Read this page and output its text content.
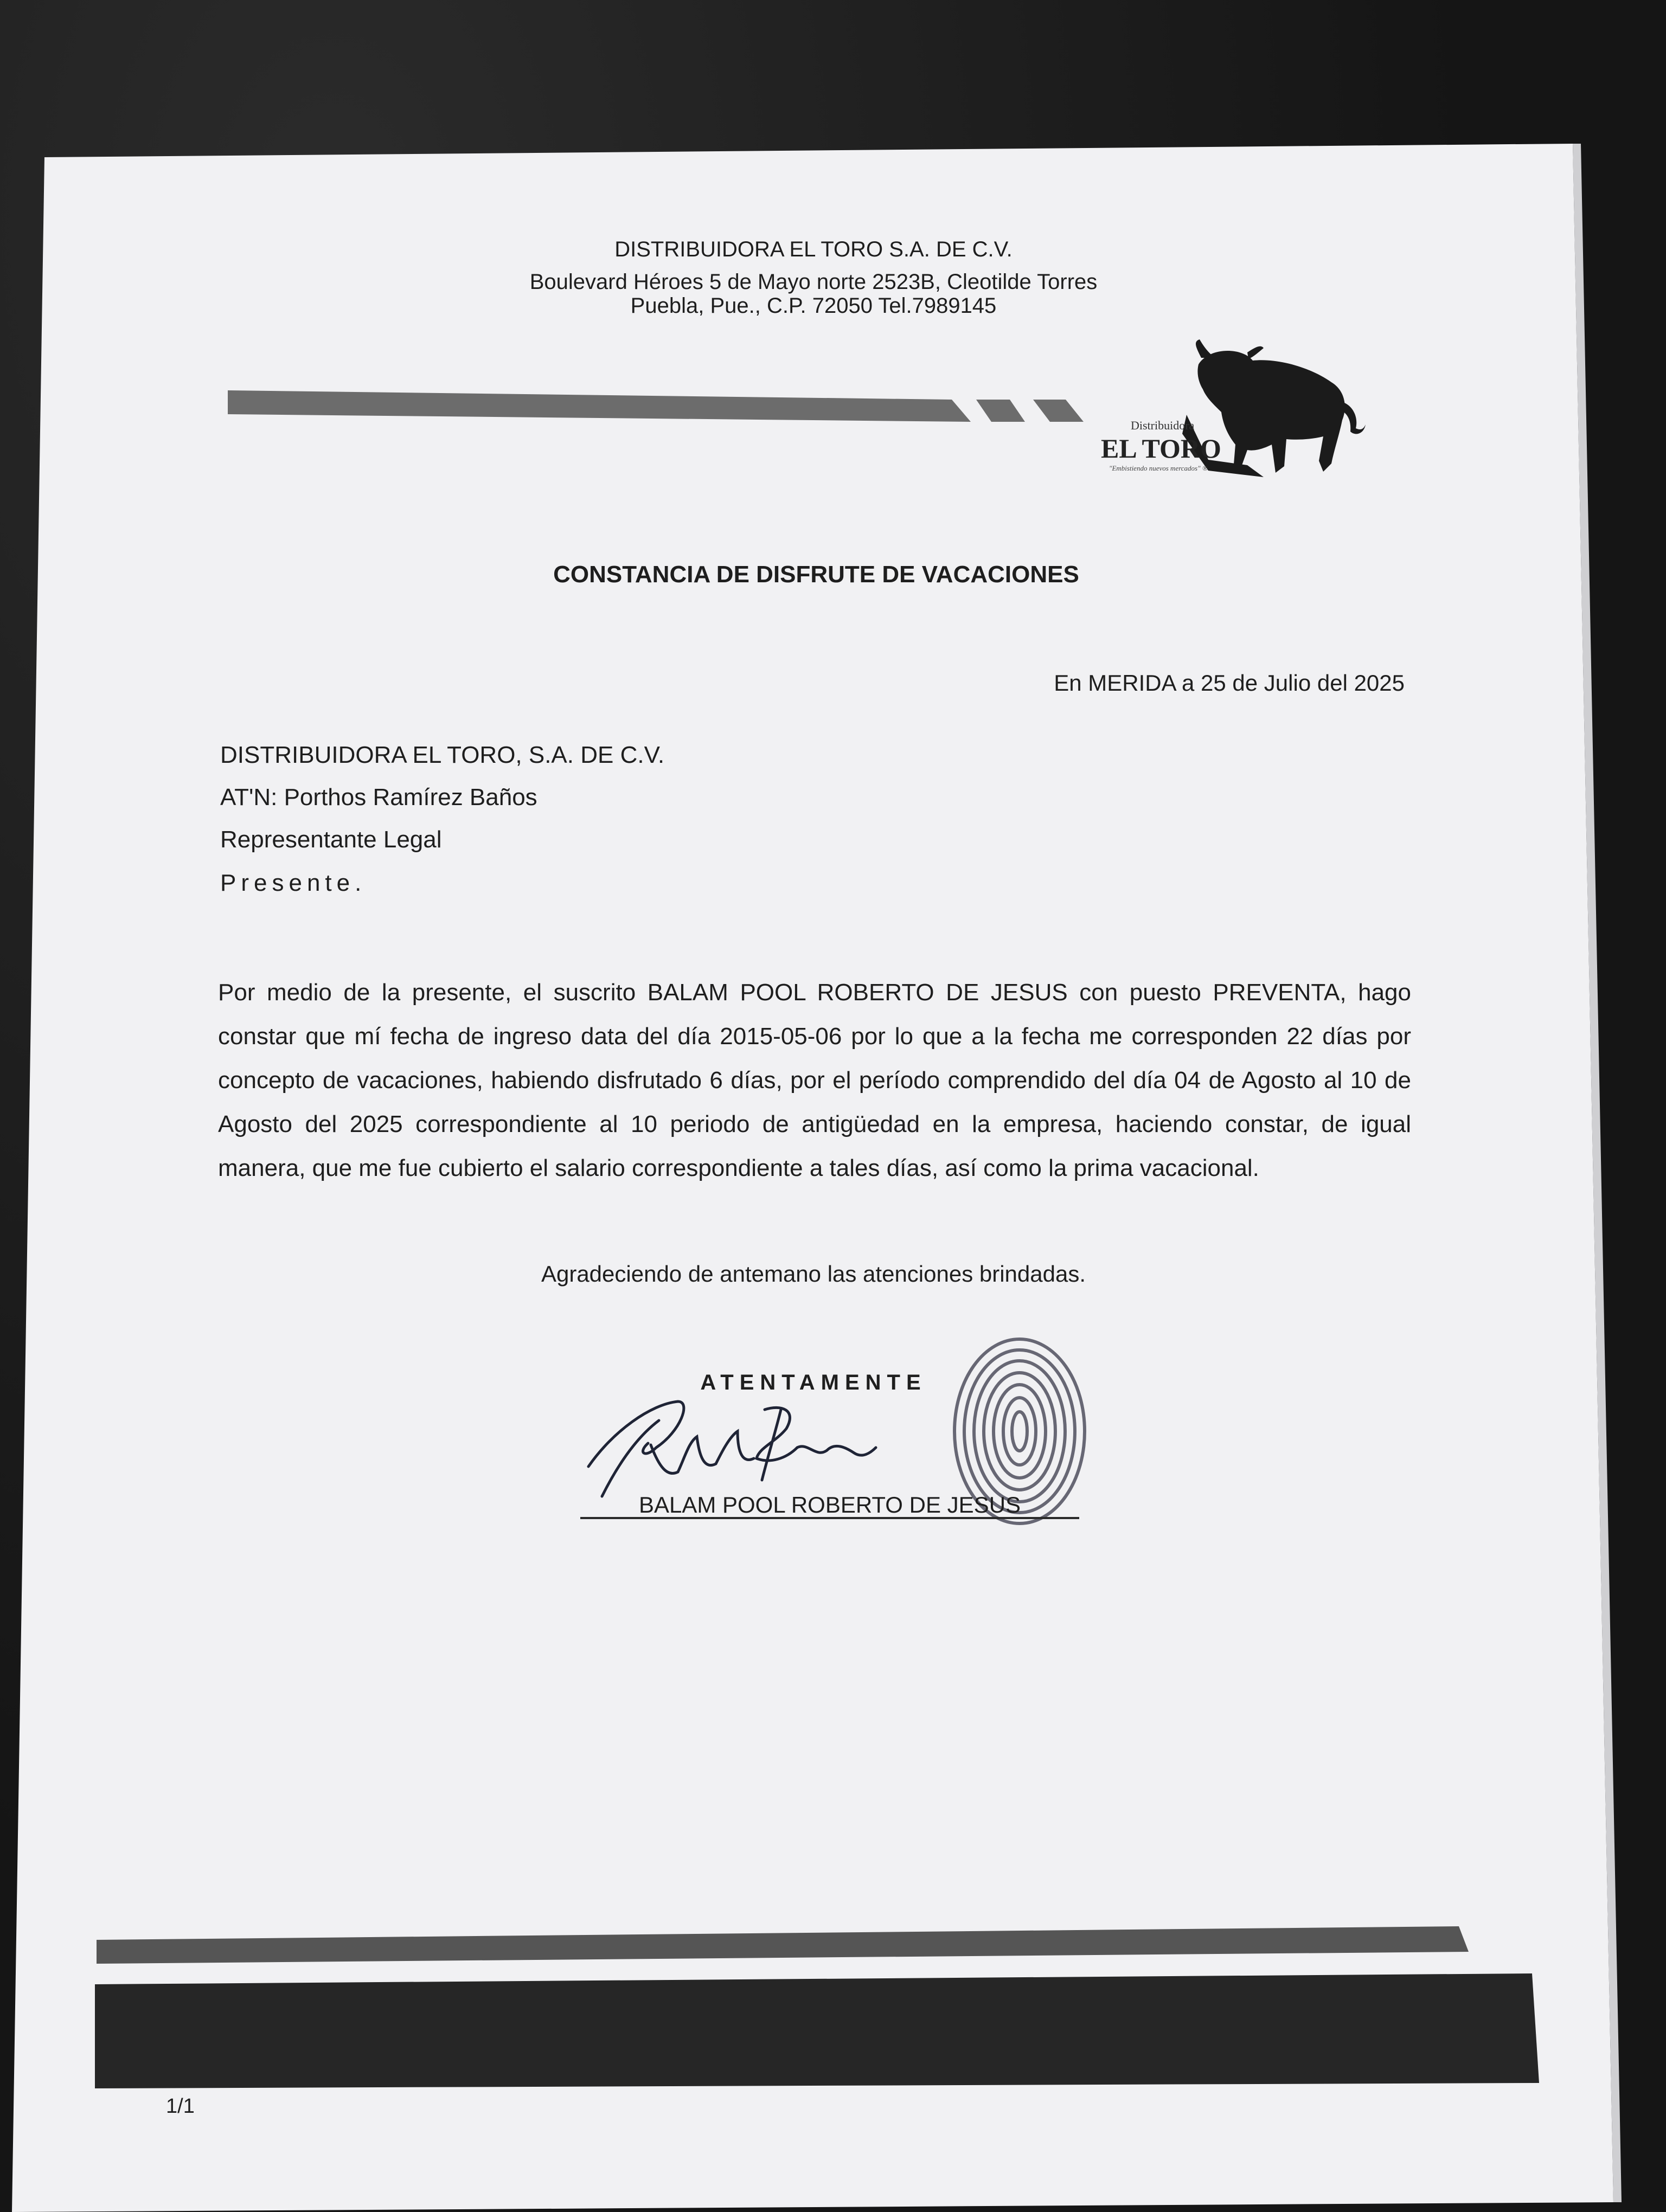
DISTRIBUIDORA EL TORO S.A. DE C.V.
Boulevard Héroes 5 de Mayo norte 2523B, Cleotilde Torres
Puebla, Pue., C.P. 72050 Tel.7989145
Distribuidora
EL TORO
"Embistiendo nuevos mercados" ®
CONSTANCIA DE DISFRUTE DE VACACIONES
En MERIDA a 25 de Julio del 2025
DISTRIBUIDORA EL TORO, S.A. DE C.V.
AT'N: Porthos Ramírez Baños
Representante Legal
Presente.
Por medio de la presente, el suscrito BALAM POOL ROBERTO DE JESUS con puesto PREVENTA, hago constar que mí fecha de ingreso data del día 2015-05-06 por lo que a la fecha me corresponden 22 días por concepto de vacaciones, habiendo disfrutado 6 días, por el período comprendido del día 04 de Agosto al 10 de Agosto del 2025 correspondiente al 10 periodo de antigüedad en la empresa, haciendo constar, de igual manera, que me fue cubierto el salario correspondiente a tales días, así como la prima vacacional.
Agradeciendo de antemano las atenciones brindadas.
ATENTAMENTE
BALAM POOL ROBERTO DE JESUS
1/1
